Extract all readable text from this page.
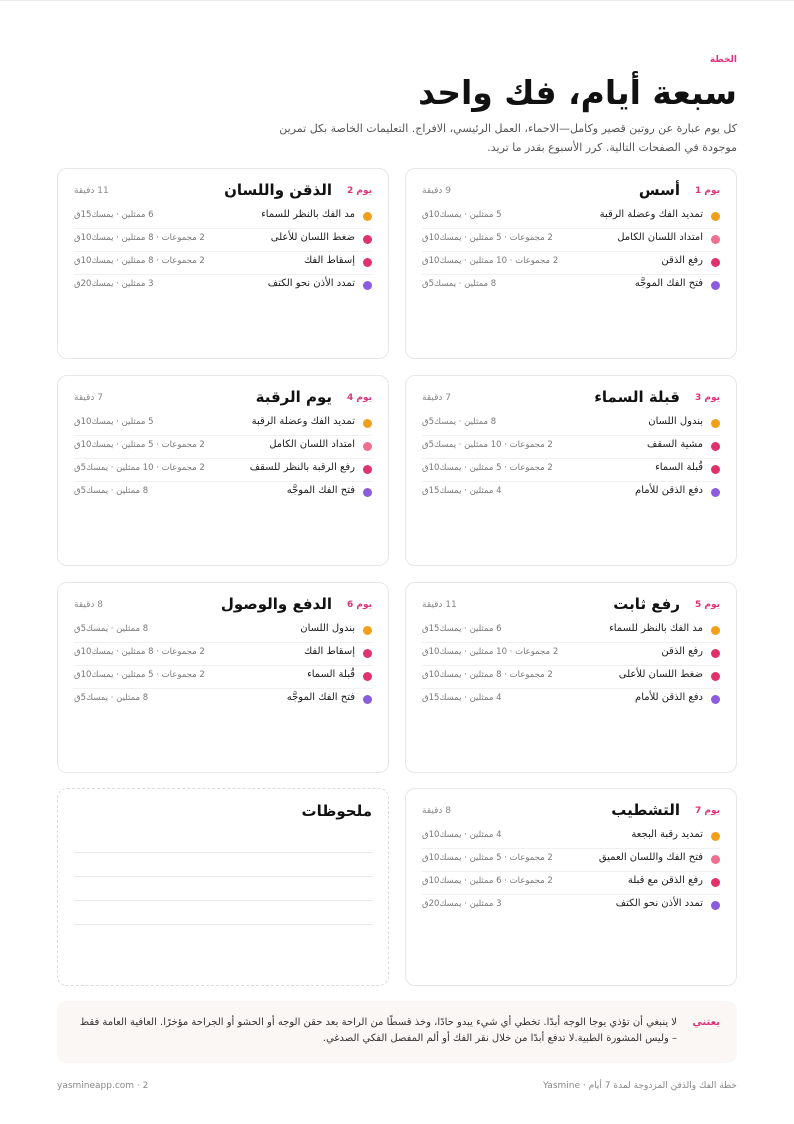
الخطة
سبعة أيام، فك واحد

كل يوم عبارة عن روتين قصير وكامل—الاحماء، العمل الرئيسي، الافراج. التعليمات الخاصة بكل تمرين موجودة في الصفحات التالية. كرر الأسبوع بقدر ما تريد.

يوم 1
أسس
9 دقيقة
تمديد الفك وعضلة الرقبة
5 ممثلين · يمسك10ق
امتداد اللسان الكامل
2 مجموعات · 5 ممثلين · يمسك10ق
رفع الذقن
2 مجموعات · 10 ممثلين · يمسك10ق
فتح الفك الموجَّه
8 ممثلين · يمسك5ق
يوم 2
الذقن واللسان
11 دقيقة
مد الفك بالنظر للسماء
6 ممثلين · يمسك15ق
ضغط اللسان للأعلى
2 مجموعات · 8 ممثلين · يمسك10ق
إسقاط الفك
2 مجموعات · 8 ممثلين · يمسك10ق
تمدد الأذن نحو الكتف
3 ممثلين · يمسك20ق
يوم 3
قبلة السماء
7 دقيقة
بندول اللسان
8 ممثلين · يمسك5ق
مشية السقف
2 مجموعات · 10 ممثلين · يمسك5ق
قُبلة السماء
2 مجموعات · 5 ممثلين · يمسك10ق
دفع الذقن للأمام
4 ممثلين · يمسك15ق
يوم 4
يوم الرقبة
7 دقيقة
تمديد الفك وعضلة الرقبة
5 ممثلين · يمسك10ق
امتداد اللسان الكامل
2 مجموعات · 5 ممثلين · يمسك10ق
رفع الرقبة بالنظر للسقف
2 مجموعات · 10 ممثلين · يمسك5ق
فتح الفك الموجَّه
8 ممثلين · يمسك5ق
يوم 5
رفع ثابت
11 دقيقة
مد الفك بالنظر للسماء
6 ممثلين · يمسك15ق
رفع الذقن
2 مجموعات · 10 ممثلين · يمسك10ق
ضغط اللسان للأعلى
2 مجموعات · 8 ممثلين · يمسك10ق
دفع الذقن للأمام
4 ممثلين · يمسك15ق
يوم 6
الدفع والوصول
8 دقيقة
بندول اللسان
8 ممثلين · يمسك5ق
إسقاط الفك
2 مجموعات · 8 ممثلين · يمسك10ق
قُبلة السماء
2 مجموعات · 5 ممثلين · يمسك10ق
فتح الفك الموجَّه
8 ممثلين · يمسك5ق
يوم 7
التشطيب
8 دقيقة
تمديد رقبة البجعة
4 ممثلين · يمسك10ق
فتح الفك واللسان العميق
2 مجموعات · 5 ممثلين · يمسك10ق
رفع الذقن مع قبلة
2 مجموعات · 6 ممثلين · يمسك10ق
تمدد الأذن نحو الكتف
3 ممثلين · يمسك20ق
ملحوظات
يعتني
لا ينبغي أن تؤذي يوجا الوجه أبدًا. تخطي أي شيء يبدو حادًا، وخذ قسطًا من الراحة بعد حقن الوجه أو الحشو أو الجراحة مؤخرًا. العافية العامة فقط – وليس المشورة الطبية.لا تدفع أبدًا من خلال نقر الفك أو ألم المفصل الفكي الصدغي.
yasmineapp.com · 2	خطة الفك والذقن المزدوجة لمدة 7 أيام · Yasmine
